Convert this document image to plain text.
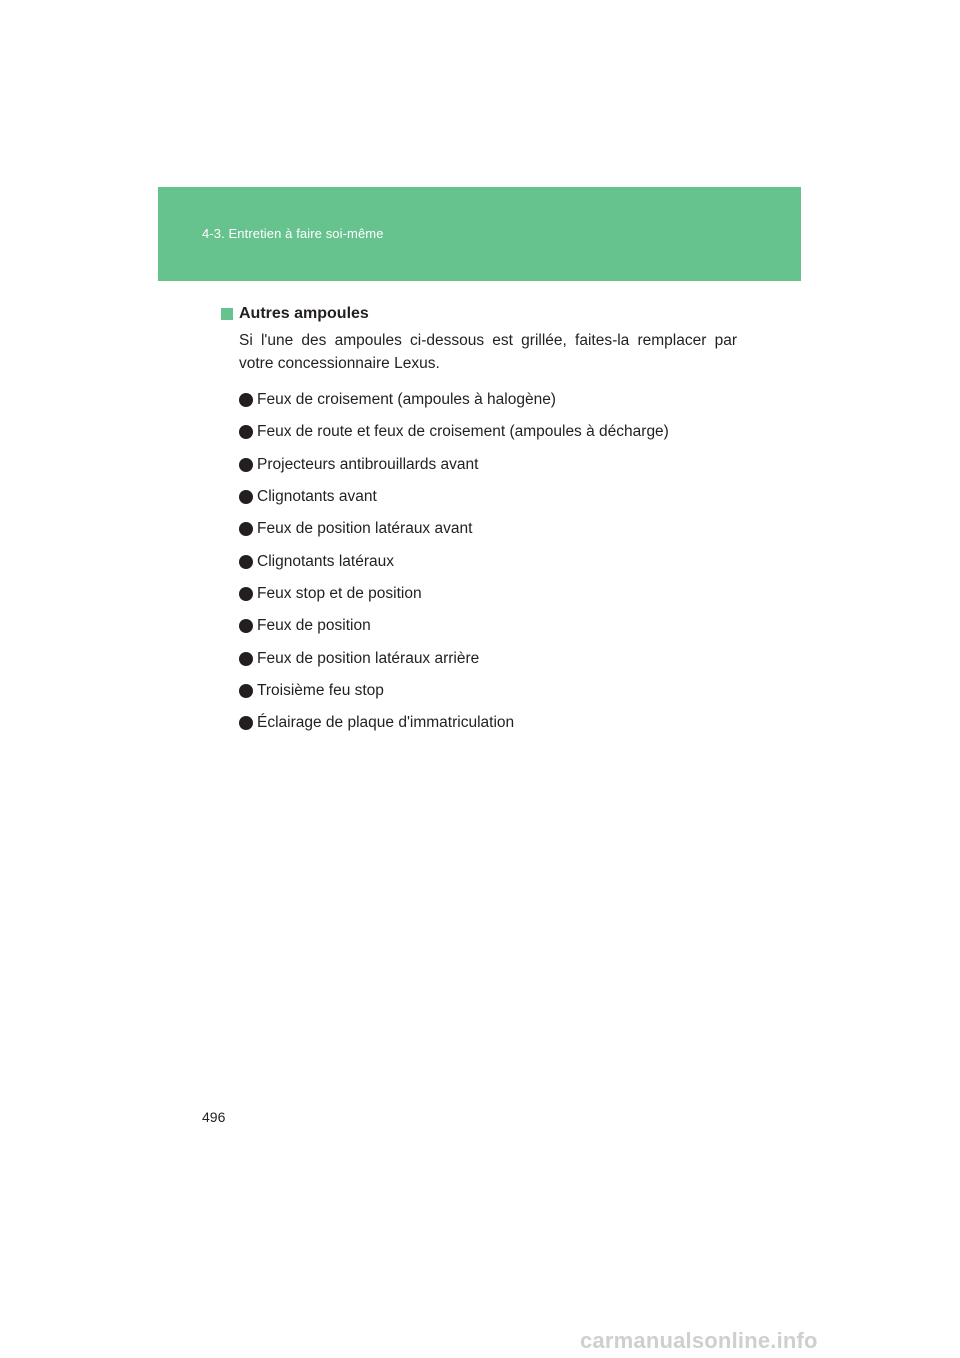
4-3. Entretien à faire soi-même
Autres ampoules
Si l'une des ampoules ci-dessous est grillée, faites-la remplacer par votre concessionnaire Lexus.
Feux de croisement (ampoules à halogène)
Feux de route et feux de croisement (ampoules à décharge)
Projecteurs antibrouillards avant
Clignotants avant
Feux de position latéraux avant
Clignotants latéraux
Feux stop et de position
Feux de position
Feux de position latéraux arrière
Troisième feu stop
Éclairage de plaque d'immatriculation
496
carmanualsonline.info
